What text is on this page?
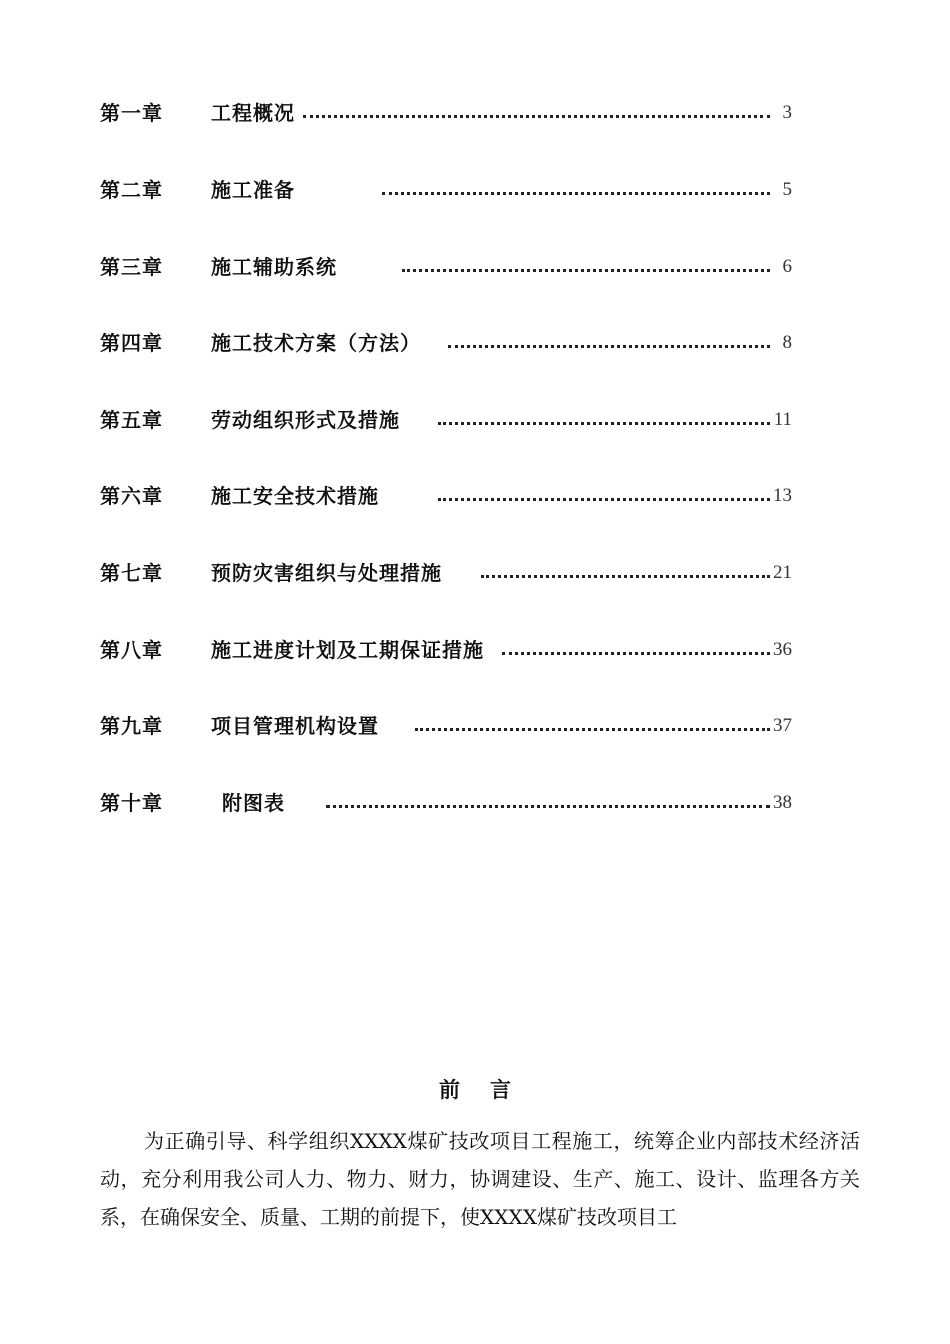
第一章 工程概况	3
第二章 施工准备	5
第三章 施工辅助系统	6
第四章 施工技术方案（方法）	8
第五章 劳动组织形式及措施	11
第六章 施工安全技术措施	13
第七章 预防灾害组织与处理措施	21
第八章 施工进度计划及工期保证措施	36
第九章 项目管理机构设置	37
第十章	附图表	38
前言

为正确引导、科学组织XXXX煤矿技改项目工程施工，统筹企业内部技术经济活动，充分利用我公司人力、物力、财力，协调建设、生产、施工、设计、监理各方关系，在确保安全、质量、工期的前提下，使XXXX煤矿技改项目工
